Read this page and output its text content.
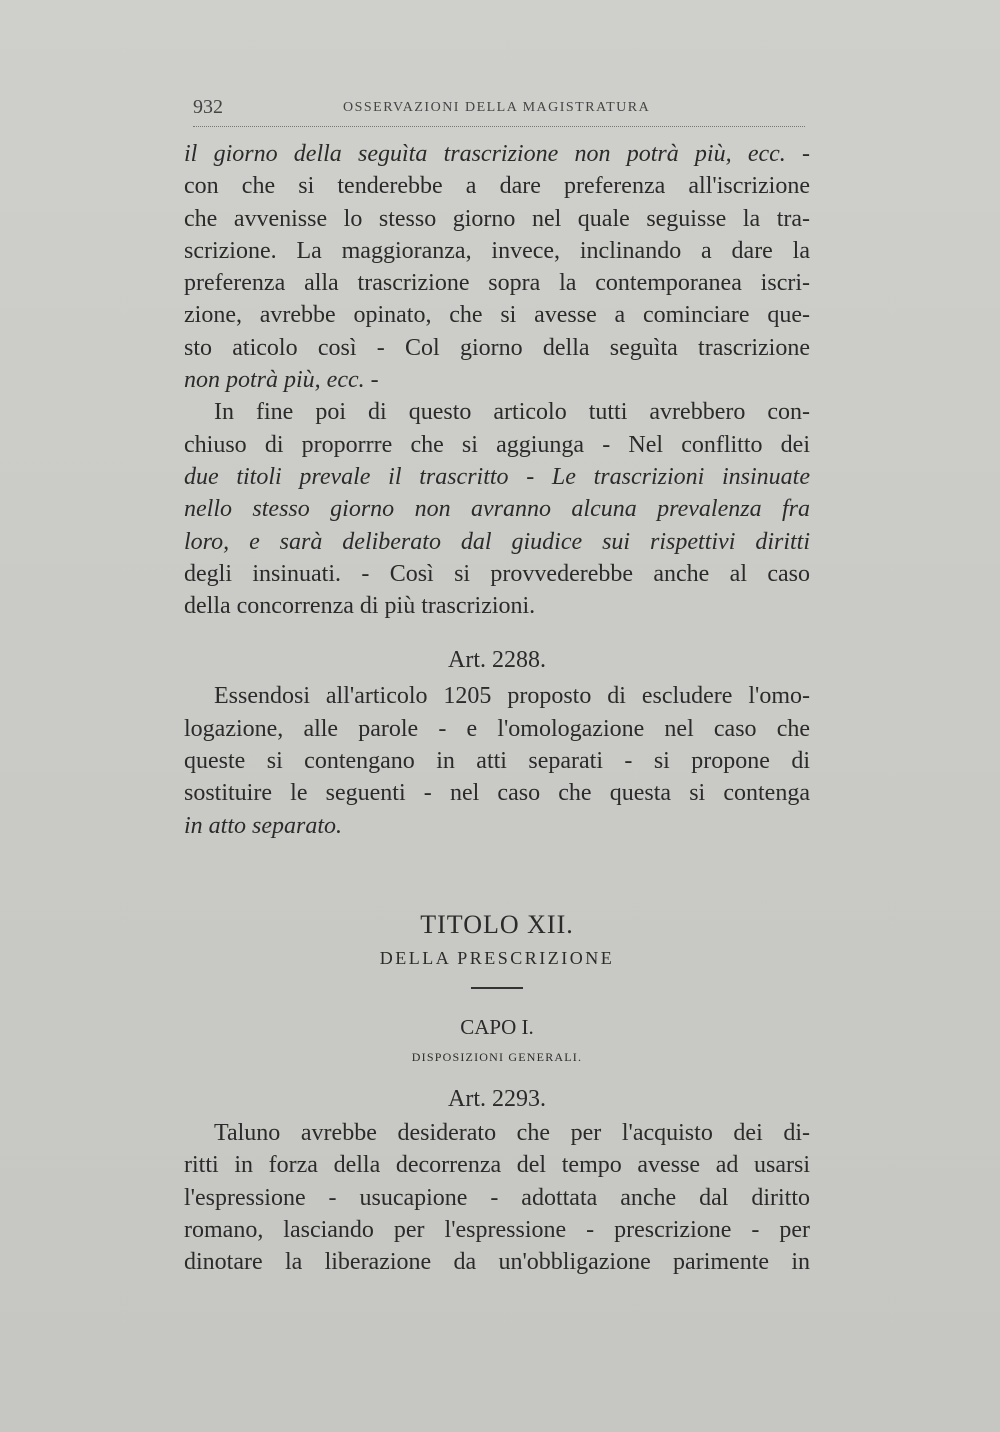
932	OSSERVAZIONI DELLA MAGISTRATURA
il giorno della seguìta trascrizione non potrà più, ecc. -
con che si tenderebbe a dare preferenza all'iscrizione
che avvenisse lo stesso giorno nel quale seguisse la tra-
scrizione. La maggioranza, invece, inclinando a dare la
preferenza alla trascrizione sopra la contemporanea iscri-
zione, avrebbe opinato, che si avesse a cominciare que-
sto aticolo così - Col giorno della seguìta trascrizione
non potrà più, ecc. -
In fine poi di questo articolo tutti avrebbero con-
chiuso di proporrre che si aggiunga - Nel conflitto dei
due titoli prevale il trascritto - Le trascrizioni insinuate
nello stesso giorno non avranno alcuna prevalenza fra
loro, e sarà deliberato dal giudice sui rispettivi diritti
degli insinuati. - Così si provvederebbe anche al caso
della concorrenza di più trascrizioni.
Art. 2288.
Essendosi all'articolo 1205 proposto di escludere l'omo-
logazione, alle parole - e l'omologazione nel caso che
queste si contengano in atti separati - si propone di
sostituire le seguenti - nel caso che questa si contenga
in atto separato.
TITOLO XII.
DELLA PRESCRIZIONE
CAPO I.
DISPOSIZIONI GENERALI.
Art. 2293.
Taluno avrebbe desiderato che per l'acquisto dei di-
ritti in forza della decorrenza del tempo avesse ad usarsi
l'espressione - usucapione - adottata anche dal diritto
romano, lasciando per l'espressione - prescrizione - per
dinotare la liberazione da un'obbligazione parimente in
